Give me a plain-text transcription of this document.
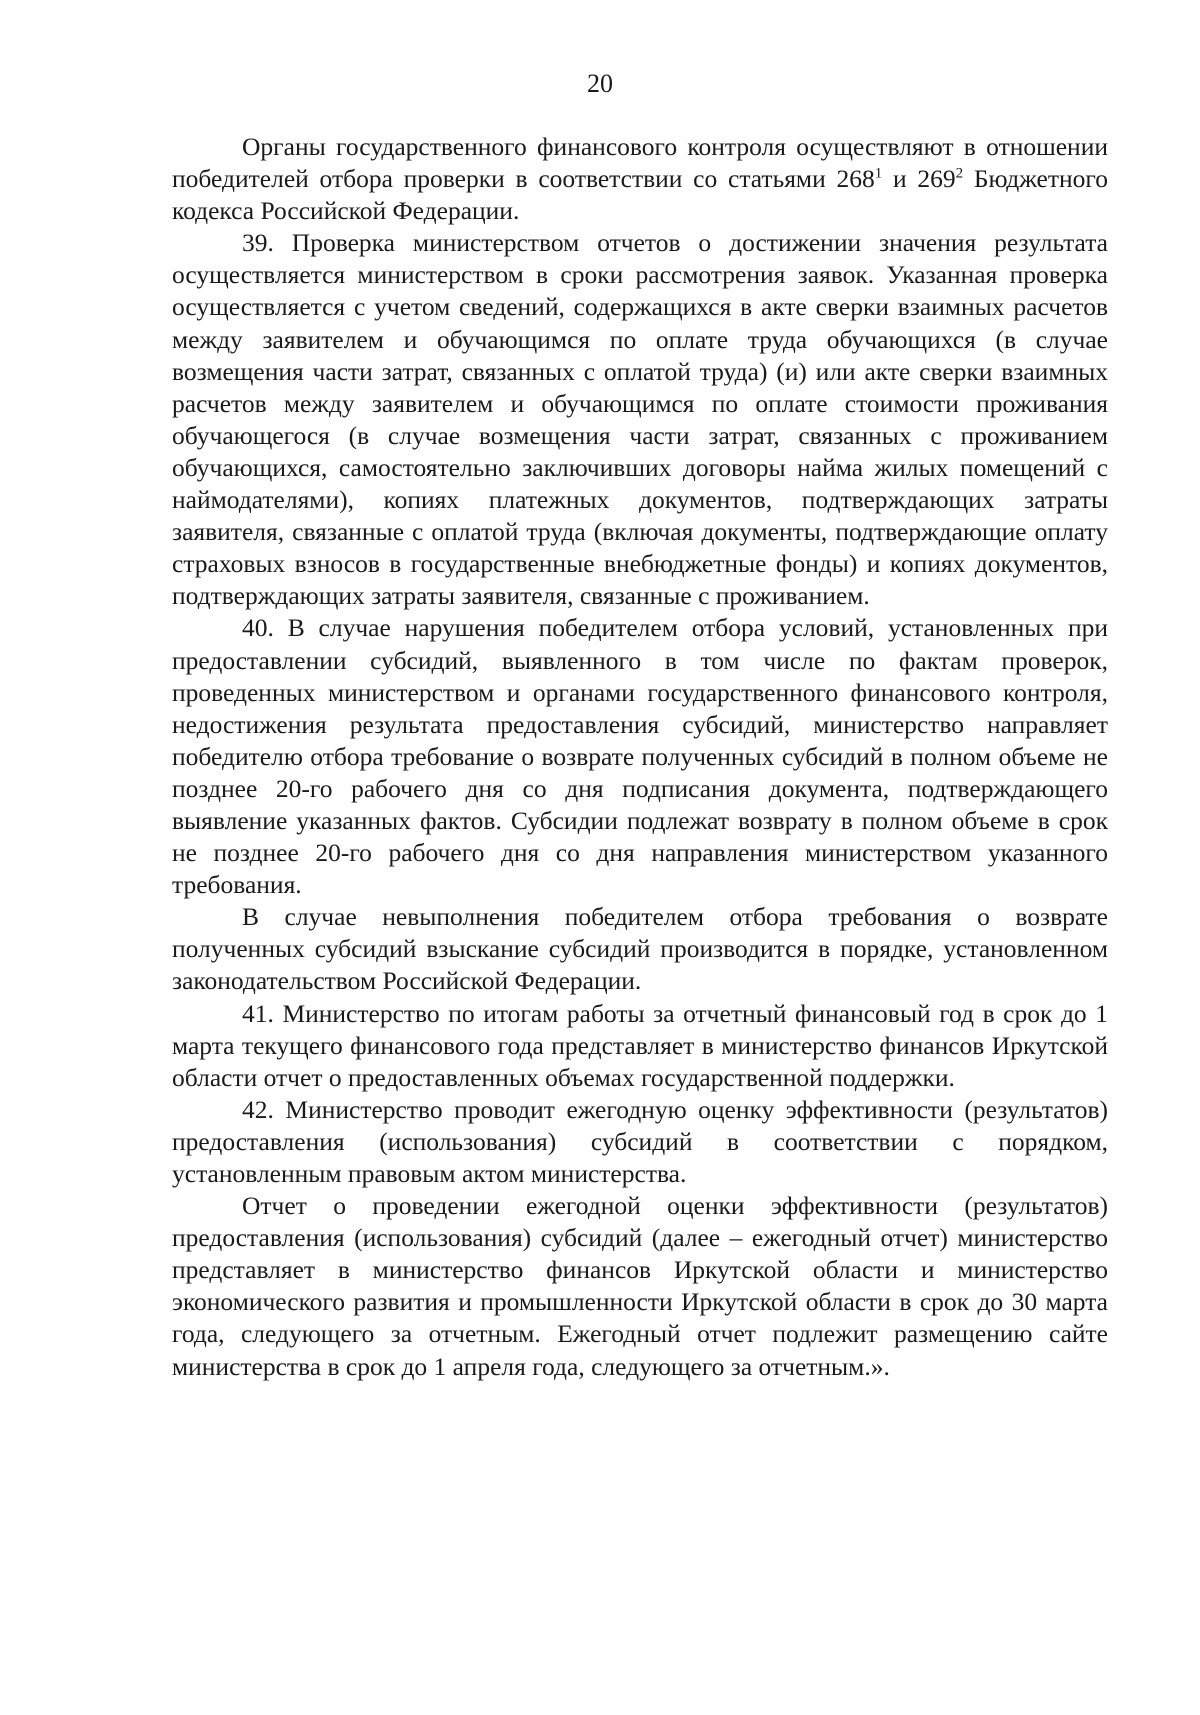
20

Органы государственного финансового контроля осуществляют в отношении победителей отбора проверки в соответствии со статьями $268^1$ и $269^2$ Бюджетного кодекса Российской Федерации.

39. Проверка министерством отчетов о достижении значения результата осуществляется министерством в сроки рассмотрения заявок. Указанная проверка осуществляется с учетом сведений, содержащихся в акте сверки взаимных расчетов между заявителем и обучающимся по оплате труда обучающихся (в случае возмещения части затрат, связанных с оплатой труда) (и) или акте сверки взаимных расчетов между заявителем и обучающимся по оплате стоимости проживания обучающегося (в случае возмещения части затрат, связанных с проживанием обучающихся, самостоятельно заключивших договоры найма жилых помещений с наймодателями), копиях платежных документов, подтверждающих затраты заявителя, связанные с оплатой труда (включая документы, подтверждающие оплату страховых взносов в государственные внебюджетные фонды) и копиях документов, подтверждающих затраты заявителя, связанные с проживанием.

40. В случае нарушения победителем отбора условий, установленных при предоставлении субсидий, выявленного в том числе по фактам проверок, проведенных министерством и органами государственного финансового контроля, недостижения результата предоставления субсидий, министерство направляет победителю отбора требование о возврате полученных субсидий в полном объеме не позднее 20-го рабочего дня со дня подписания документа, подтверждающего выявление указанных фактов. Субсидии подлежат возврату в полном объеме в срок не позднее 20-го рабочего дня со дня направления министерством указанного требования.

В случае невыполнения победителем отбора требования о возврате полученных субсидий взыскание субсидий производится в порядке, установленном законодательством Российской Федерации.

41. Министерство по итогам работы за отчетный финансовый год в срок до 1 марта текущего финансового года представляет в министерство финансов Иркутской области отчет о предоставленных объемах государственной поддержки.

42. Министерство проводит ежегодную оценку эффективности (результатов) предоставления (использования) субсидий в соответствии с порядком, установленным правовым актом министерства.

Отчет о проведении ежегодной оценки эффективности (результатов) предоставления (использования) субсидий (далее – ежегодный отчет) министерство представляет в министерство финансов Иркутской области и министерство экономического развития и промышленности Иркутской области в срок до 30 марта года, следующего за отчетным. Ежегодный отчет подлежит размещению сайте министерства в срок до 1 апреля года, следующего за отчетным.».
